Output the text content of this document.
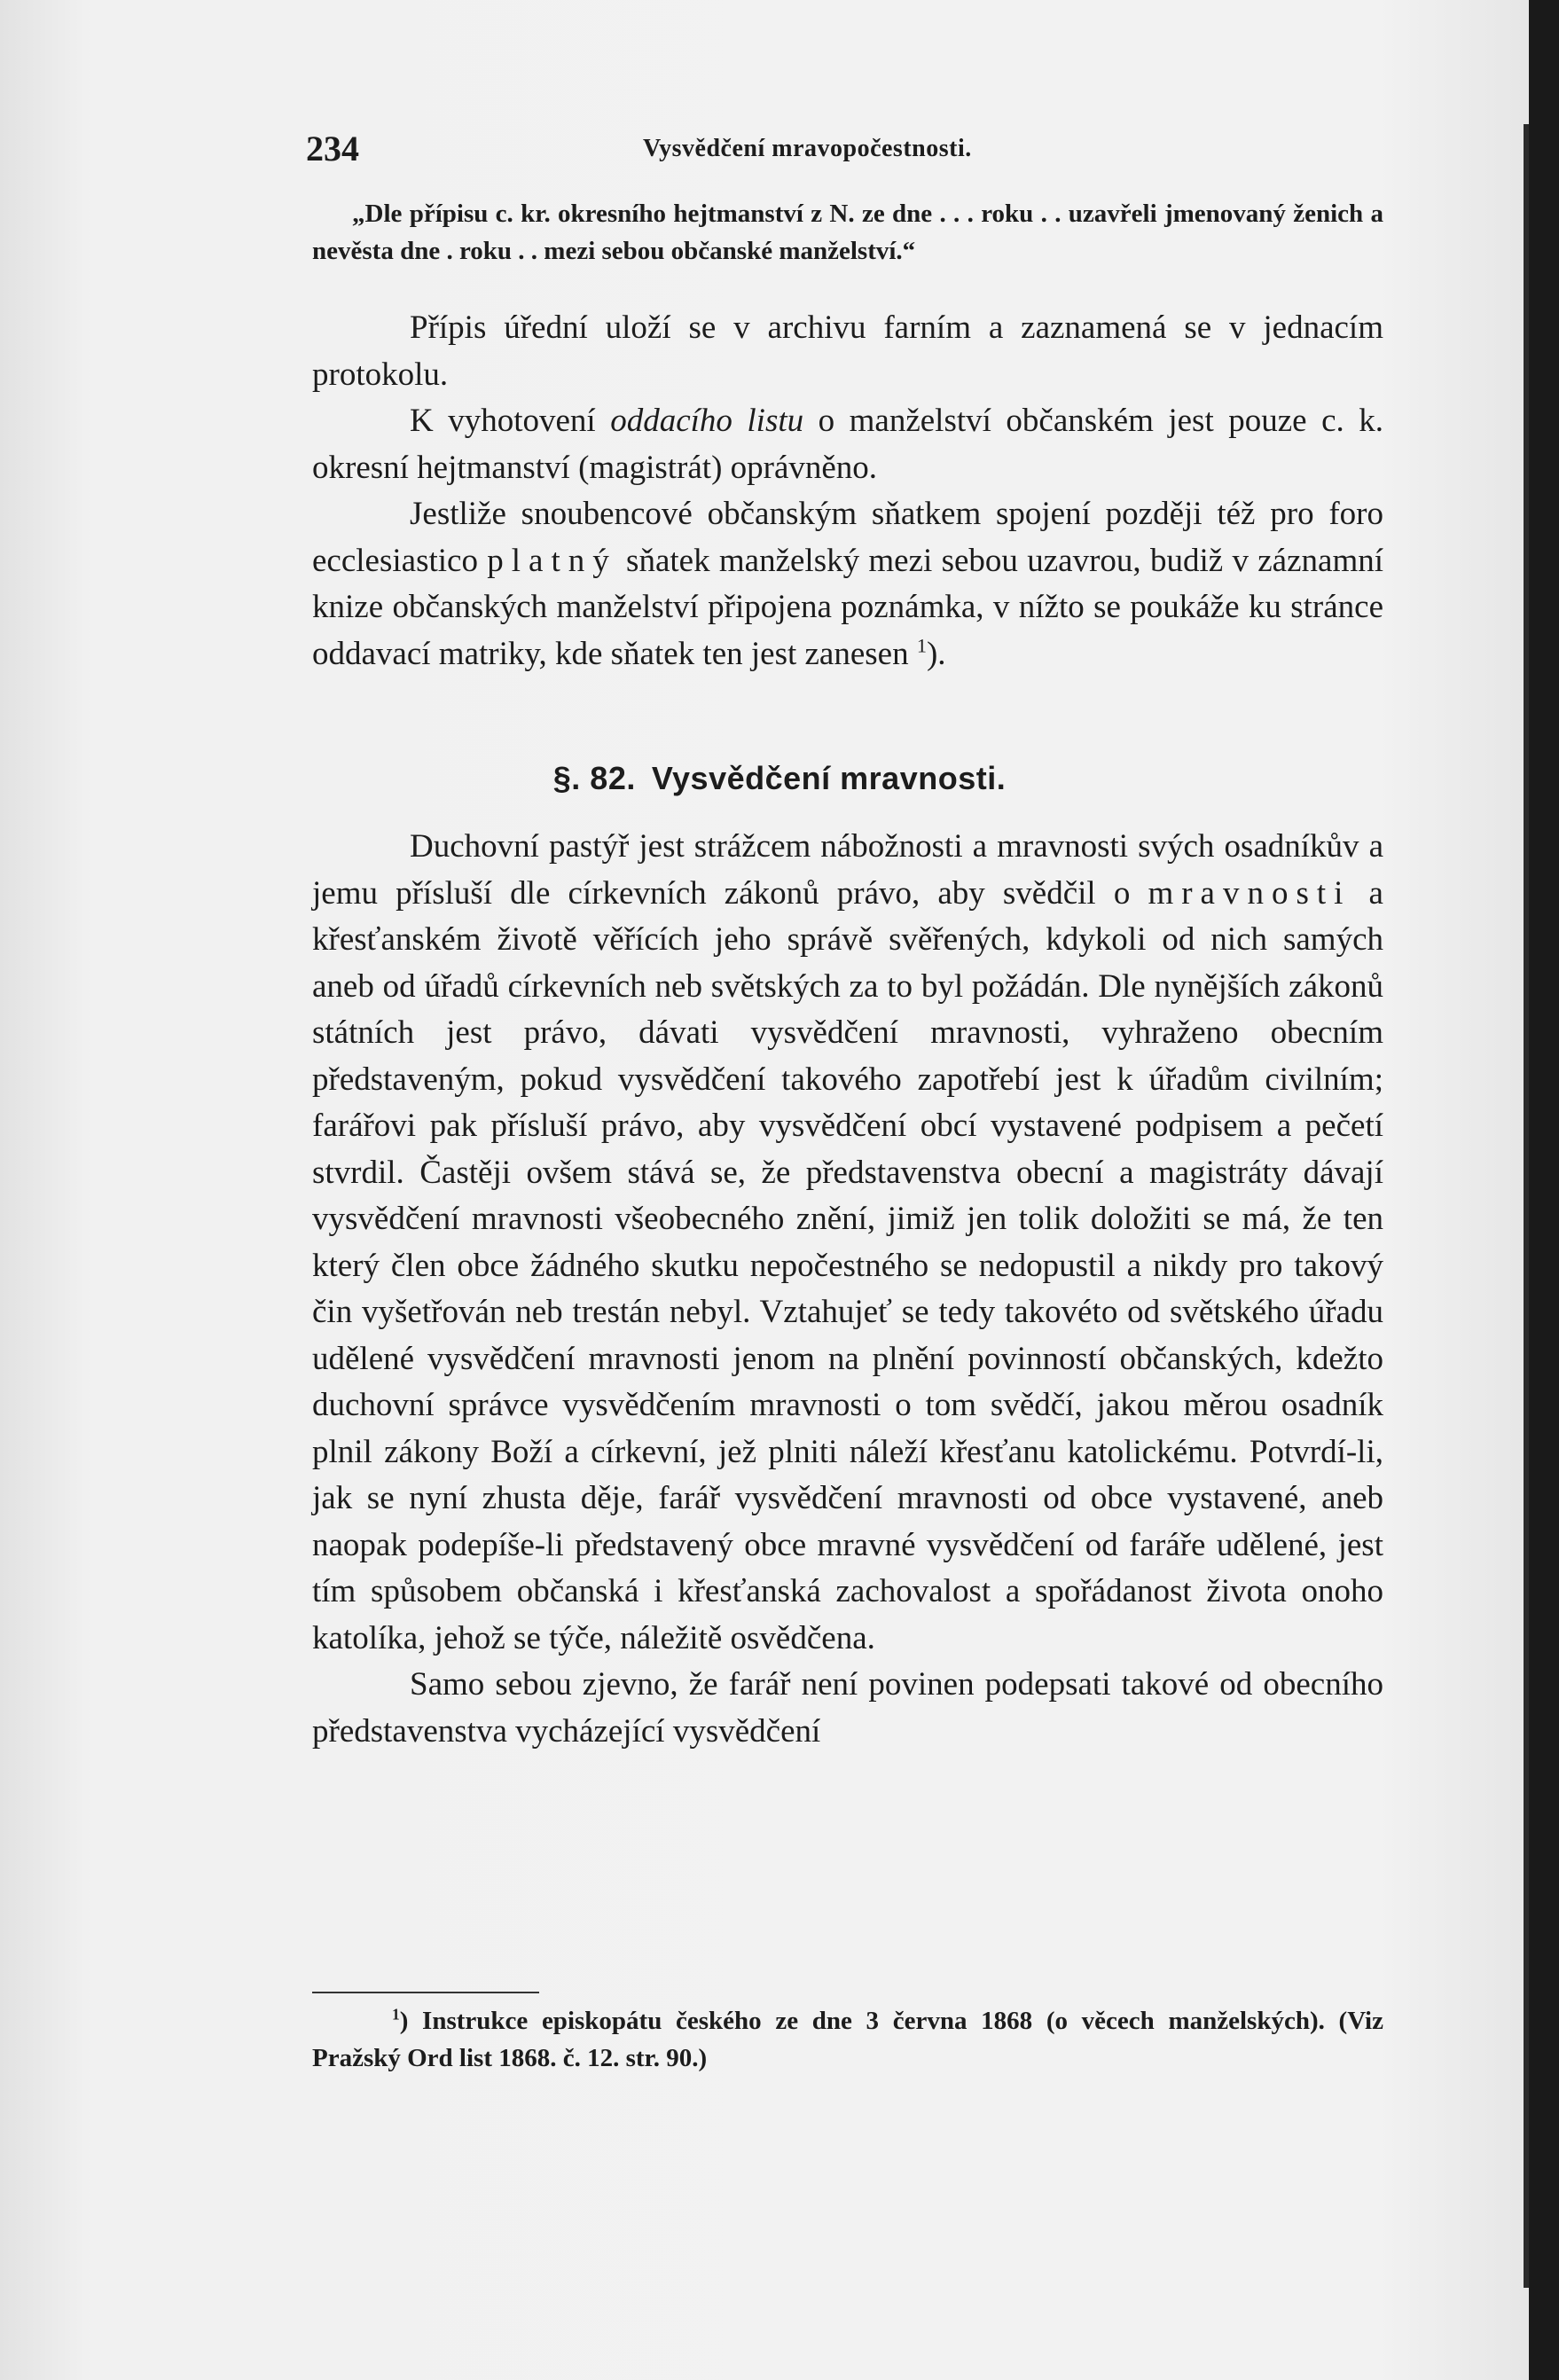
234	Vysvědčení mravopočestnosti.

„Dle přípisu c. kr. okresního hejtmanství z N. ze dne . . . roku . . uzavřeli jmenovaný ženich a nevěsta dne . roku . . mezi sebou občanské manželství.“

Přípis úřední uloží se v archivu farním a zaznamená se v jednacím protokolu.

K vyhotovení oddacího listu o manželství občanském jest pouze c. k. okresní hejtmanství (magistrát) oprávněno.

Jestliže snoubencové občanským sňatkem spojení později též pro foro ecclesiastico platný sňatek manželský mezi sebou uzavrou, budiž v záznamní knize občanských manželství připojena poznámka, v nížto se poukáže ku stránce oddavací matriky, kde sňatek ten jest zanesen $^1$).

§. 82. Vysvědčení mravnosti.

Duchovní pastýř jest strážcem nábožnosti a mravnosti svých osadníkův a jemu přísluší dle církevních zákonů právo, aby svědčil o mravnosti a křesťanském životě věřících jeho správě svěřených, kdykoli od nich samých aneb od úřadů církevních neb světských za to byl požádán. Dle nynějších zákonů státních jest právo, dávati vysvědčení mravnosti, vyhraženo obecním představeným, pokud vysvědčení takového zapotřebí jest k úřadům civilním; farářovi pak přísluší právo, aby vysvědčení obcí vystavené podpisem a pečetí stvrdil. Častěji ovšem stává se, že představenstva obecní a magistráty dávají vysvědčení mravnosti všeobecného znění, jimiž jen tolik doložiti se má, že ten který člen obce žádného skutku nepočestného se nedopustil a nikdy pro takový čin vyšetřován neb trestán nebyl. Vztahujeť se tedy takovéto od světského úřadu udělené vysvědčení mravnosti jenom na plnění povinností občanských, kdežto duchovní správce vysvědčením mravnosti o tom svědčí, jakou měrou osadník plnil zákony Boží a církevní, jež plniti náleží křesťanu katolickému. Potvrdí-li, jak se nyní zhusta děje, farář vysvědčení mravnosti od obce vystavené, aneb naopak podepíše-li představený obce mravné vysvědčení od faráře udělené, jest tím spůsobem občanská i křesťanská zachovalost a spořádanost života onoho katolíka, jehož se týče, náležitě osvědčena.

Samo sebou zjevno, že farář není povinen podepsati takové od obecního představenstva vycházející vysvědčení

$^1$) Instrukce episkopátu českého ze dne 3 června 1868 (o věcech manželských). (Viz Pražský Ord list 1868. č. 12. str. 90.)
